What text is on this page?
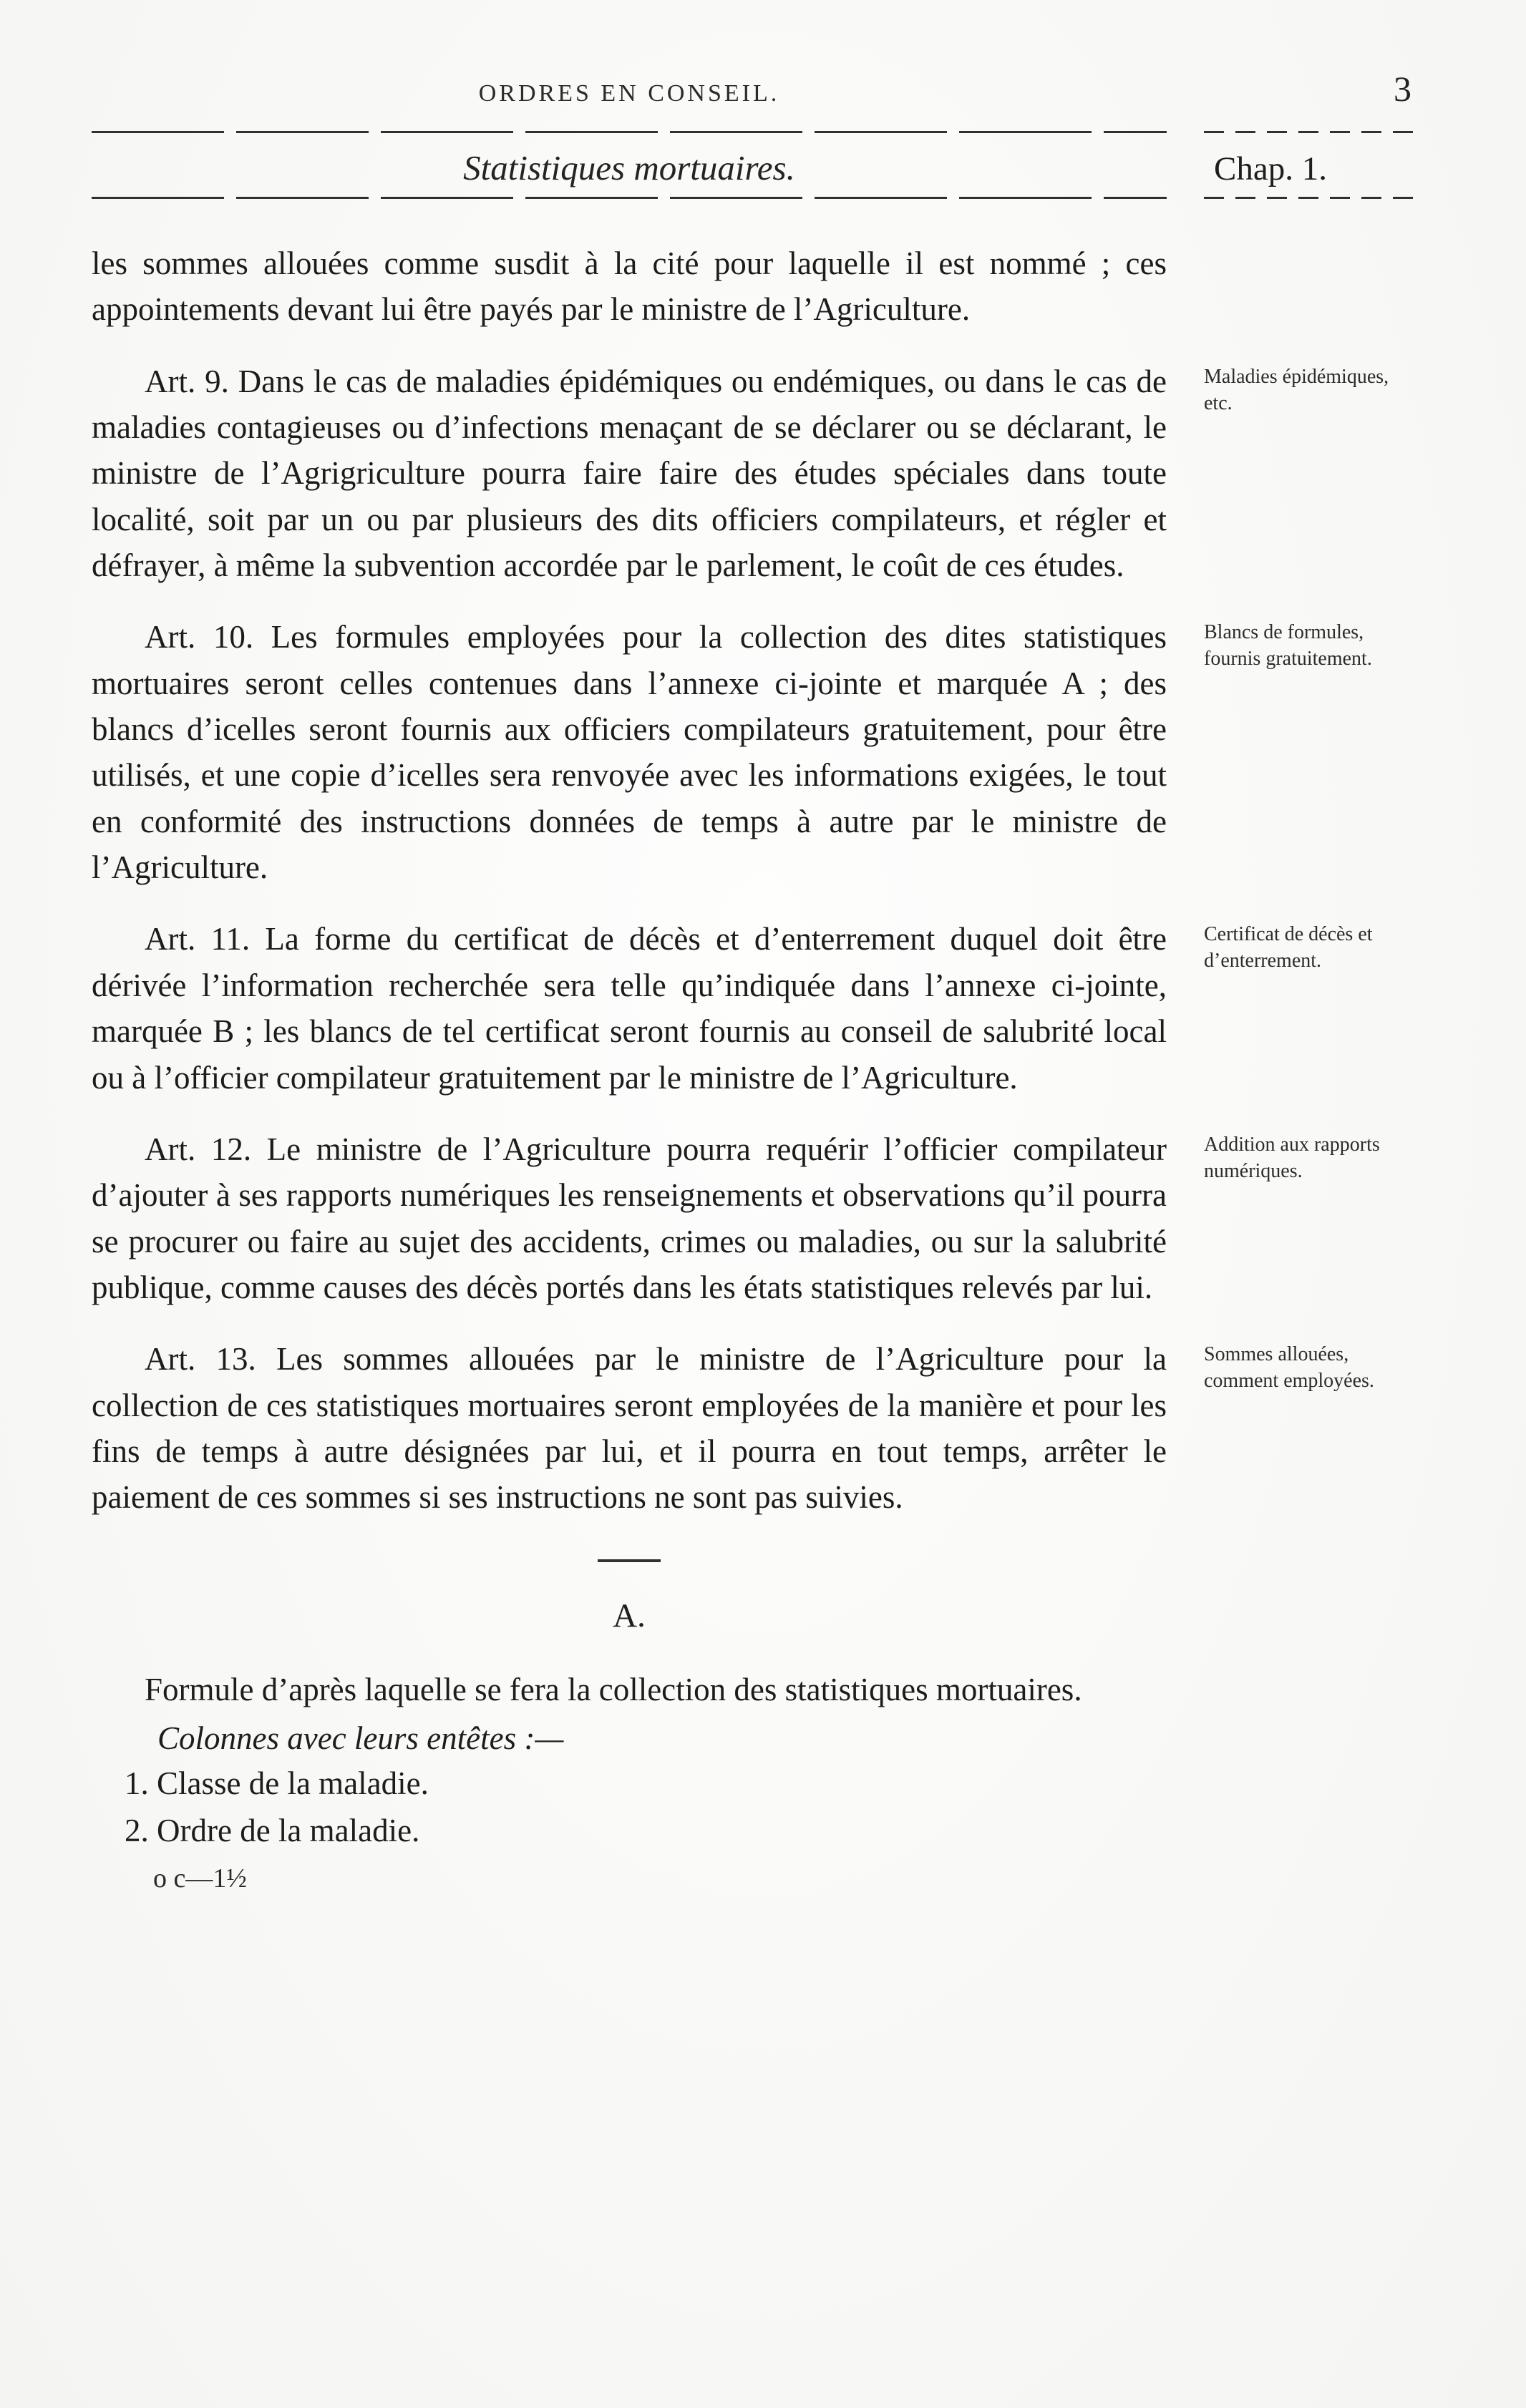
ORDRES EN CONSEIL.	3
Statistiques mortuaires.	Chap. 1.

les sommes allouées comme susdit à la cité pour laquelle il est nommé ; ces appointements devant lui être payés par le ministre de l’Agriculture.

Art. 9. Dans le cas de maladies épidémiques ou endémiques, ou dans le cas de maladies contagieuses ou d’infections menaçant de se déclarer ou se déclarant, le ministre de l’Agrigriculture pourra faire faire des études spéciales dans toute localité, soit par un ou par plusieurs des dits officiers compilateurs, et régler et défrayer, à même la subvention accordée par le parlement, le coût de ces études.

Maladies épidémiques, etc.

Art. 10. Les formules employées pour la collection des dites statistiques mortuaires seront celles contenues dans l’annexe ci-jointe et marquée A ; des blancs d’icelles seront fournis aux officiers compilateurs gratuitement, pour être utilisés, et une copie d’icelles sera renvoyée avec les informations exigées, le tout en conformité des instructions données de temps à autre par le ministre de l’Agriculture.

Blancs de formules, fournis gratuitement.

Art. 11. La forme du certificat de décès et d’enterrement duquel doit être dérivée l’information recherchée sera telle qu’indiquée dans l’annexe ci-jointe, marquée B ; les blancs de tel certificat seront fournis au conseil de salubrité local ou à l’officier compilateur gratuitement par le ministre de l’Agriculture.

Certificat de décès et d’enterrement.

Art. 12. Le ministre de l’Agriculture pourra requérir l’officier compilateur d’ajouter à ses rapports numériques les renseignements et observations qu’il pourra se procurer ou faire au sujet des accidents, crimes ou maladies, ou sur la salubrité publique, comme causes des décès portés dans les états statistiques relevés par lui.

Addition aux rapports numériques.

Art. 13. Les sommes allouées par le ministre de l’Agriculture pour la collection de ces statistiques mortuaires seront employées de la manière et pour les fins de temps à autre désignées par lui, et il pourra en tout temps, arrêter le paiement de ces sommes si ses instructions ne sont pas suivies.

Sommes allouées, comment employées.
A.

Formule d’après laquelle se fera la collection des statistiques mortuaires.

Colonnes avec leurs entêtes :—

1. Classe de la maladie.

2. Ordre de la maladie.

o c—1½
